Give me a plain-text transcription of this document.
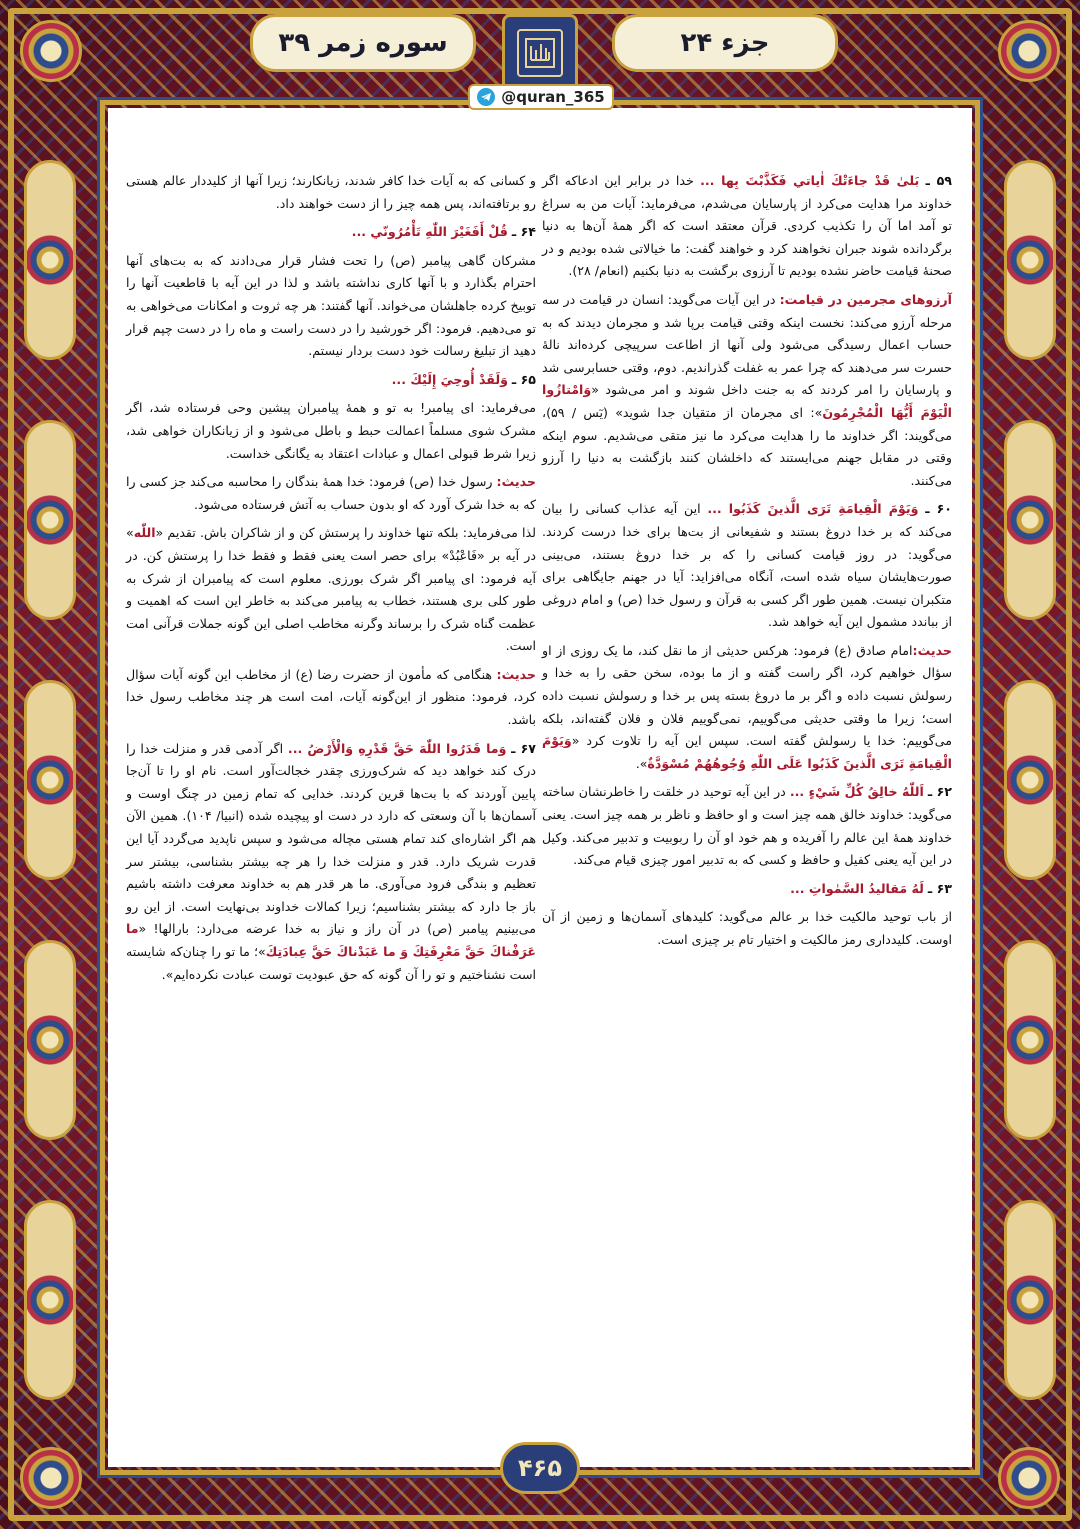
سوره زمر ۳۹	جزء ۲۴
@quran_365

۵۹ ـ بَلىٰ قَدْ جاءَتْكَ اٰياتي فَكَذَّبْتَ بِها ... خدا در برابر این ادعاکه اگر خداوند مرا هدایت می‌کرد از پارسایان می‌شدم، می‌فرماید: آیات من به سراغ تو آمد اما آن را تکذیب کردی. قرآن معتقد است که اگر همهٔ آن‌ها به دنیا برگردانده شوند جبران نخواهند کرد و خواهند گفت: ما خیالاتی شده بودیم و در صحنهٔ قیامت حاضر نشده بودیم تا آرزوی برگشت به دنیا بکنیم (انعام/ ۲۸).

آرزوهای مجرمین در قیامت: در این آیات می‌گوید: انسان در قیامت در سه مرحله آرزو می‌کند: نخست اینکه وقتی قیامت برپا شد و مجرمان دیدند که به حساب اعمال رسیدگی می‌شود ولی آنها از اطاعت سرپیچی کرده‌اند نالهٔ حسرت سر می‌دهند که چرا عمر به غفلت گذراندیم. دوم، وقتی حسابرسی شد و پارسایان را امر کردند که به جنت داخل شوند و امر می‌شود «وَامْتازُوا الْيَوْمَ أَيُّهَا الْمُجْرِمُونَ»: ای مجرمان از متقیان جدا شوید» (یٓس / ۵۹)، می‌گویند: اگر خداوند ما را هدایت می‌کرد ما نیز متقی می‌شدیم. سوم اینکه وقتی در مقابل جهنم می‌ایستند که داخلشان کنند بازگشت به دنیا را آرزو می‌کنند.

۶۰ ـ وَيَوْمَ الْقِيامَةِ تَرَى الَّذينَ كَذَبُوا ... این آیه عذاب کسانی را بیان می‌کند که بر خدا دروغ بستند و شفیعانی از بت‌ها برای خدا درست کردند. می‌گوید: در روز قیامت کسانی را که بر خدا دروغ بستند، می‌بینی صورت‌هایشان سیاه شده است، آنگاه می‌افزاید: آیا در جهنم جایگاهی برای متکبران نیست. همین طور اگر کسی به قرآن و رسول خدا (ص) و امام دروغی از بباندد مشمول این آیه خواهد شد.

حدیث:امام صادق (ع) فرمود: هرکس حدیثی از ما نقل کند، ما یک روزی از او سؤال خواهیم کرد، اگر راست گفته و از ما بوده، سخن حقی را به خدا و رسولش نسبت داده و اگر بر ما دروغ بسته پس بر خدا و رسولش نسبت داده است؛ زیرا ما وقتی حدیثی می‌گوییم، نمی‌گوییم فلان و فلان گفته‌اند، بلکه می‌گوییم: خدا یا رسولش گفته است. سپس این آیه را تلاوت کرد «وَيَوْمَ الْقِيامَةِ تَرَى الَّذينَ كَذَبُوا عَلَى اللّٰهِ وُجُوهُهُمْ مُسْوَدَّةٌ».

۶۲ ـ اَللّٰهُ خالِقُ كُلِّ شَيْءٍ ... در این آیه توحید در خلقت را خاطرنشان ساخته می‌گوید: خداوند خالق همه چیز است و او حافظ و ناظر بر همه چیز است. یعنی خداوند همهٔ این عالم را آفریده و هم خود او آن را ربوبیت و تدبیر می‌کند. وکیل در این آیه یعنی کفیل و حافظ و کسی که به تدبیر امور چیزی قیام می‌کند.

۶۳ ـ لَهُ مَقاليدُ السَّمٰواتِ ...

از باب توحید مالکیت خدا بر عالم می‌گوید: کلیدهای آسمان‌ها و زمین از آن اوست. کلیدداری رمز مالکیت و اختیار تام بر چیزی است.

و کسانی که به آیات خدا کافر شدند، زیانکارند؛ زیرا آنها از کلیددار عالم هستی رو برتافته‌اند، پس همه چیز را از دست خواهند داد.

۶۴ ـ قُلْ أَفَغَيْرَ اللّٰهِ تَأْمُرُونّي ...

مشرکان گاهی پیامبر (ص) را تحت فشار قرار می‌دادند که به بت‌های آنها احترام بگذارد و با آنها کاری نداشته باشد و لذا در این آیه با قاطعیت آنها را توبیخ کرده جاهلشان می‌خواند. آنها گفتند: هر چه ثروت و امکانات می‌خواهی به تو می‌دهیم. فرمود: اگر خورشید را در دست راست و ماه را در دست چپم قرار دهید از تبلیغ رسالت خود دست بردار نیستم.

۶۵ ـ وَلَقَدْ أُوحِيَ إِلَيْكَ ...

می‌فرماید: ای پیامبر! به تو و همهٔ پیامبران پیشین وحی فرستاده شد، اگر مشرک شوی مسلماً اعمالت حبط و باطل می‌شود و از زیانکاران خواهی شد، زیرا شرط قبولی اعمال و عبادات اعتقاد به یگانگی خداست.

حدیث: رسول خدا (ص) فرمود: خدا همهٔ بندگان را محاسبه می‌کند جز کسی را که به خدا شرک آورد که او بدون حساب به آتش فرستاده می‌شود.

لذا می‌فرماید: بلکه تنها خداوند را پرستش کن و از شاکران باش. تقدیم «اللّٰه» در آیه بر «فَاعْبُدْ» برای حصر است یعنی فقط و فقط خدا را پرستش کن. در آیه فرمود: ای پیامبر اگر شرک بورزی. معلوم است که پیامبران از شرک به طور کلی بری هستند، خطاب به پیامبر می‌کند به خاطر این است که اهمیت و عظمت گناه شرک را برساند وگرنه مخاطب اصلی این گونه جملات قرآنی امت است.

حدیث: هنگامی که مأمون از حضرت رضا (ع) از مخاطب این گونه آیات سؤال کرد، فرمود: منظور از این‌گونه آیات، امت است هر چند مخاطب رسول خدا باشد.

۶۷ ـ وَما قَدَرُوا اللّٰهَ حَقَّ قَدْرِهِ وَالْأَرْضُ ... اگر آدمی قدر و منزلت خدا را درک کند خواهد دید که شرک‌ورزی چقدر خجالت‌آور است. نام او را تا آن‌جا پایین آوردند که با بت‌ها قرین کردند. خدایی که تمام زمین در چنگ اوست و آسمان‌ها با آن وسعتی که دارد در دست او پیچیده شده (انبیا/ ۱۰۴). همین الآن هم اگر اشاره‌ای کند تمام هستی مچاله می‌شود و سپس ناپدید می‌گردد آیا این قدرت شریک دارد. قدر و منزلت خدا را هر چه بیشتر بشناسی، بیشتر سر تعظیم و بندگی فرود می‌آوری. ما هر قدر هم به خداوند معرفت داشته باشیم باز جا دارد که بیشتر بشناسیم؛ زیرا کمالات خداوند بی‌نهایت است. از این رو می‌بینیم پیامبر (ص) در آن راز و نیاز به خدا عرضه می‌دارد: بارالها! «ما عَرَفْناكَ حَقَّ مَعْرِفَتِكَ وَ ما عَبَدْناكَ حَقَّ عِبادَتِكَ»؛ ما تو را چنان‌که شایسته است نشناختیم و تو را آن گونه که حق عبودیت توست عبادت نکرده‌ایم».

۴۶۵
